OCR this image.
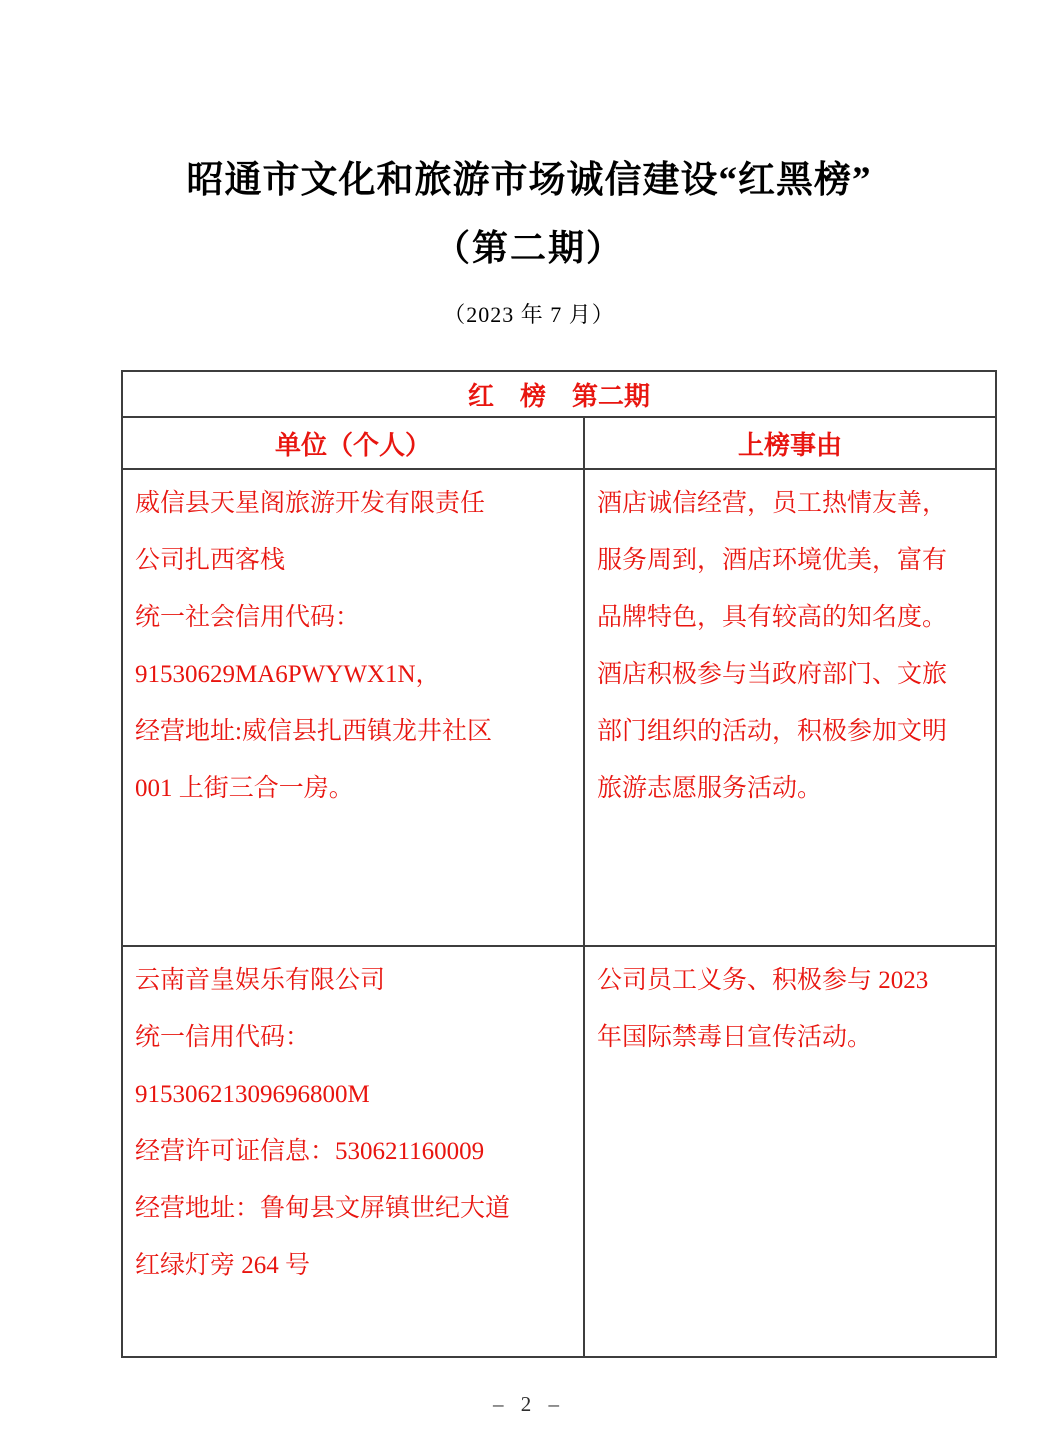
昭通市文化和旅游市场诚信建设“红黑榜”
（第二期）
（2023 年 7 月）
红　榜　第二期
单位（个人）	上榜事由
威信县天星阁旅游开发有限责任
公司扎西客栈
统一社会信用代码：
91530629MA6PWYWX1N，
经营地址:威信县扎西镇龙井社区
001 上街三合一房。
酒店诚信经营，员工热情友善，
服务周到，酒店环境优美，富有
品牌特色，具有较高的知名度。
酒店积极参与当政府部门、文旅
部门组织的活动，积极参加文明
旅游志愿服务活动。
云南音皇娱乐有限公司
统一信用代码：
91530621309696800M
经营许可证信息：530621160009
经营地址：鲁甸县文屏镇世纪大道
红绿灯旁 264 号
公司员工义务、积极参与 2023
年国际禁毒日宣传活动。
– 2 –
